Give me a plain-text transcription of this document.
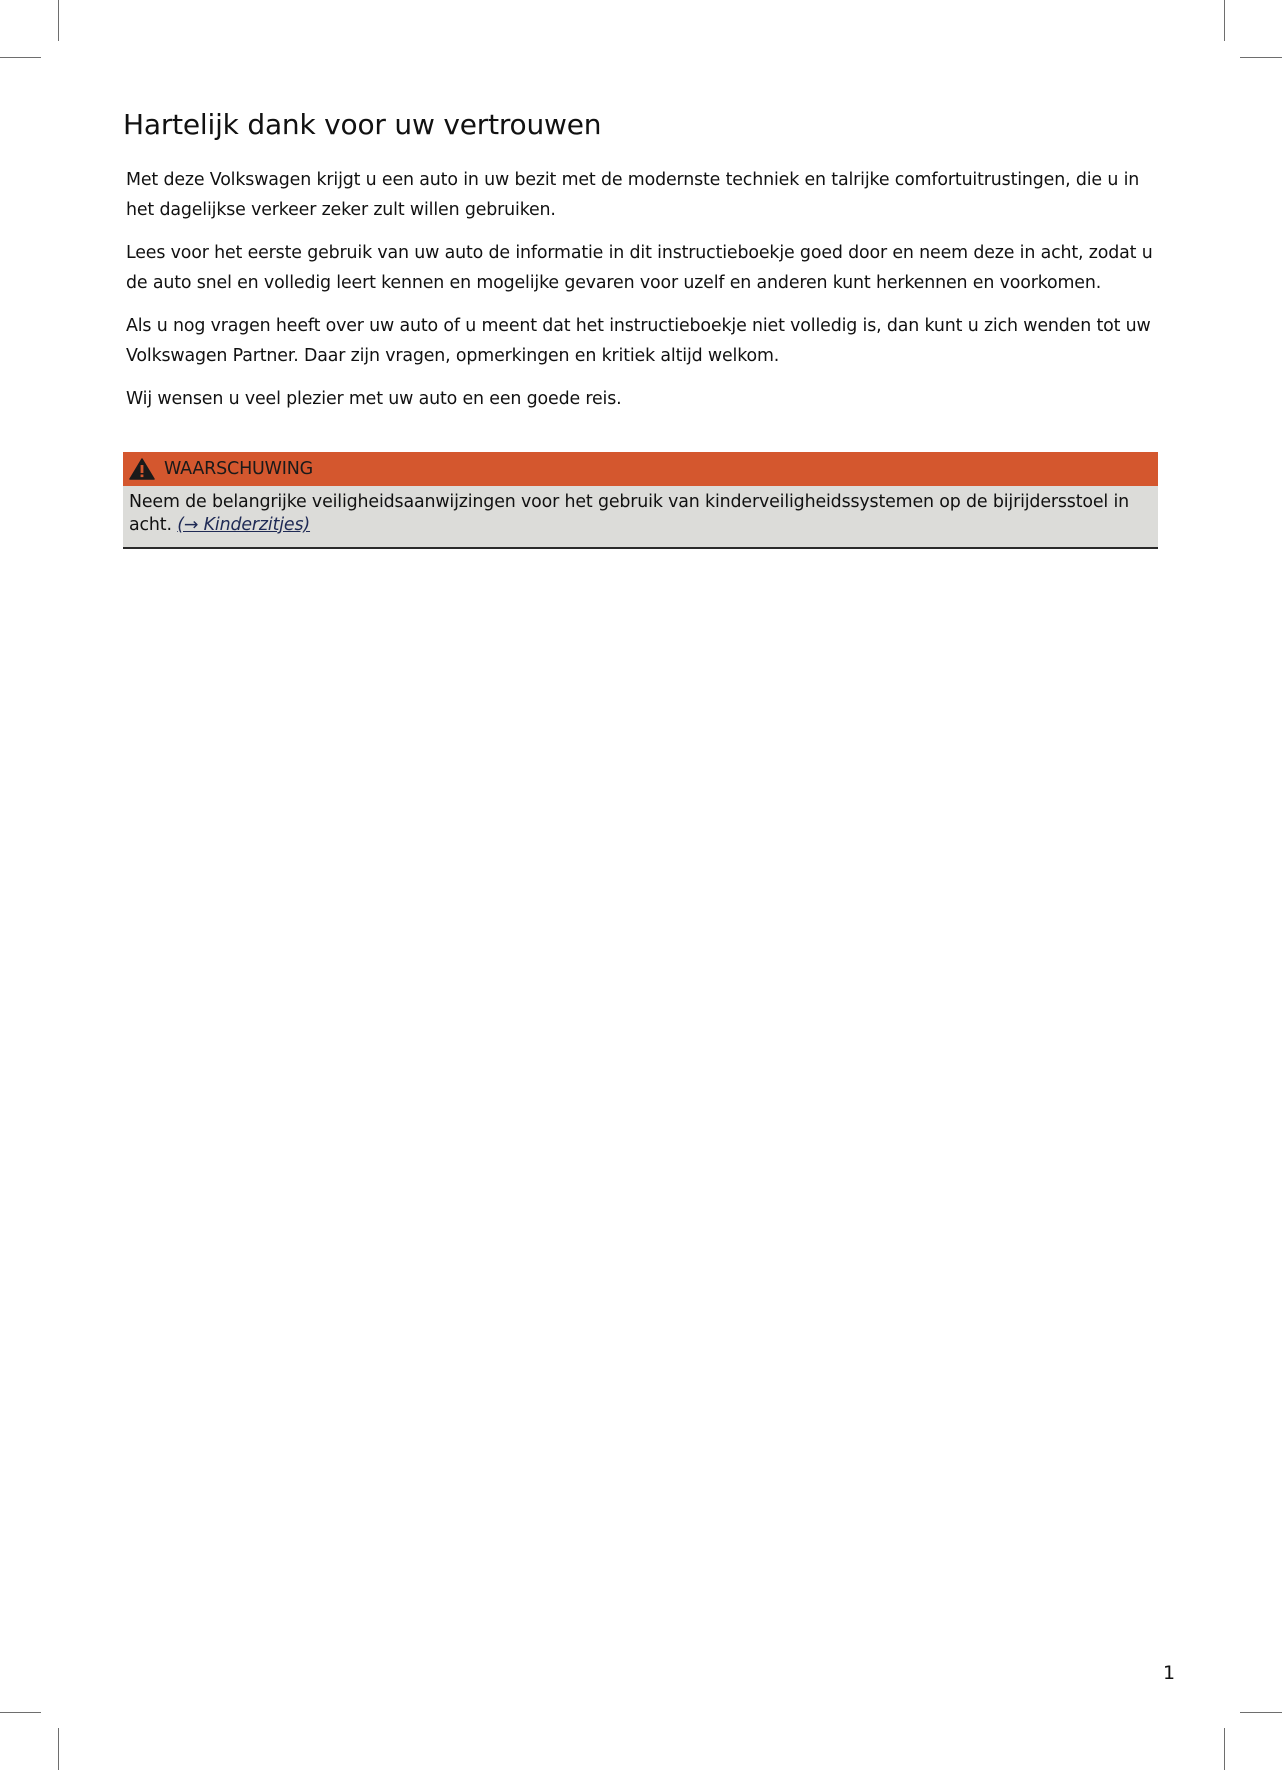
Hartelijk dank voor uw vertrouwen

Met deze Volkswagen krijgt u een auto in uw bezit met de modernste techniek en talrijke comfortuitrustingen, die u in het dagelijkse verkeer zeker zult willen gebruiken.

Lees voor het eerste gebruik van uw auto de informatie in dit instructieboekje goed door en neem deze in acht, zodat u de auto snel en volledig leert kennen en mogelijke gevaren voor uzelf en anderen kunt herkennen en voorkomen.

Als u nog vragen heeft over uw auto of u meent dat het instructieboekje niet volledig is, dan kunt u zich wenden tot uw Volkswagen Partner. Daar zijn vragen, opmerkingen en kritiek altijd welkom.

Wij wensen u veel plezier met uw auto en een goede reis.

WAARSCHUWING
Neem de belangrijke veiligheidsaanwijzingen voor het gebruik van kinderveiligheidssystemen op de bijrijdersstoel in acht. (→ Kinderzitjes)
1
